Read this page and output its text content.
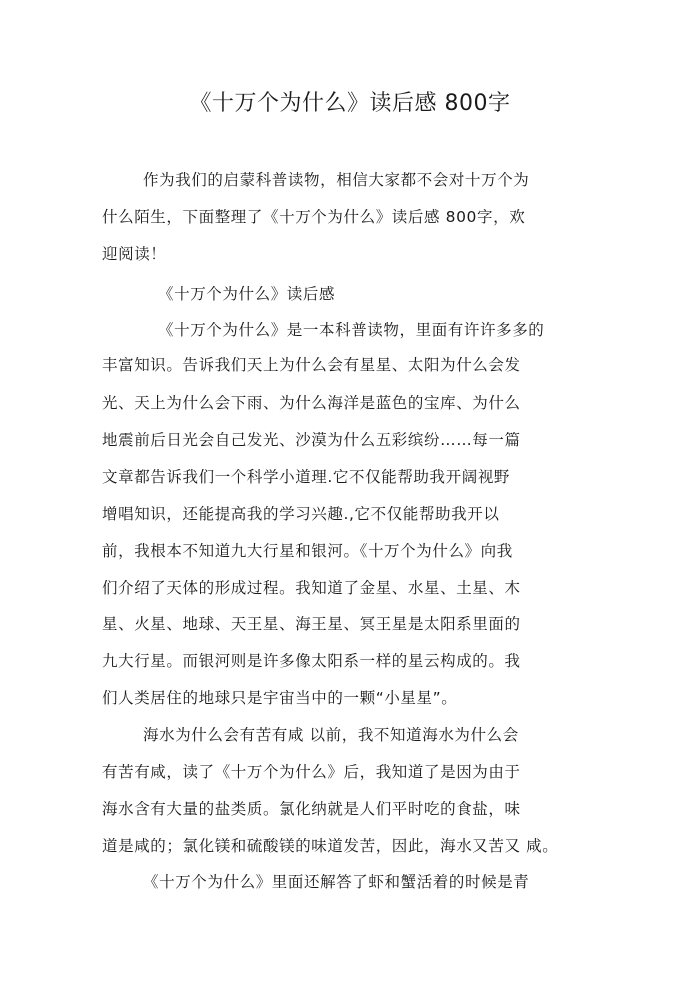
《十万个为什么》读后感 800字
作为我们的启蒙科普读物，相信大家都不会对十万个为
什么陌生，下面整理了《十万个为什么》读后感 800字，欢
迎阅读！
《十万个为什么》读后感
《十万个为什么》是一本科普读物，里面有许许多多的
丰富知识。告诉我们天上为什么会有星星、太阳为什么会发
光、天上为什么会下雨、为什么海洋是蓝色的宝库、为什么
地震前后日光会自己发光、沙漠为什么五彩缤纷……每一篇
文章都告诉我们一个科学小道理.它不仅能帮助我开阔视野
增唱知识，还能提高我的学习兴趣.,它不仅能帮助我开以
前，我根本不知道九大行星和银河。《十万个为什么》向我
们介绍了天体的形成过程。我知道了金星、水星、土星、木
星、火星、地球、天王星、海王星、冥王星是太阳系里面的
九大行星。而银河则是许多像太阳系一样的星云构成的。我
们人类居住的地球只是宇宙当中的一颗“小星星”。
海水为什么会有苦有咸 以前，我不知道海水为什么会
有苦有咸，读了《十万个为什么》后，我知道了是因为由于
海水含有大量的盐类质。氯化纳就是人们平时吃的食盐，味
道是咸的；氯化镁和硫酸镁的味道发苦，因此，海水又苦又 咸。
《十万个为什么》里面还解答了虾和蟹活着的时候是青
